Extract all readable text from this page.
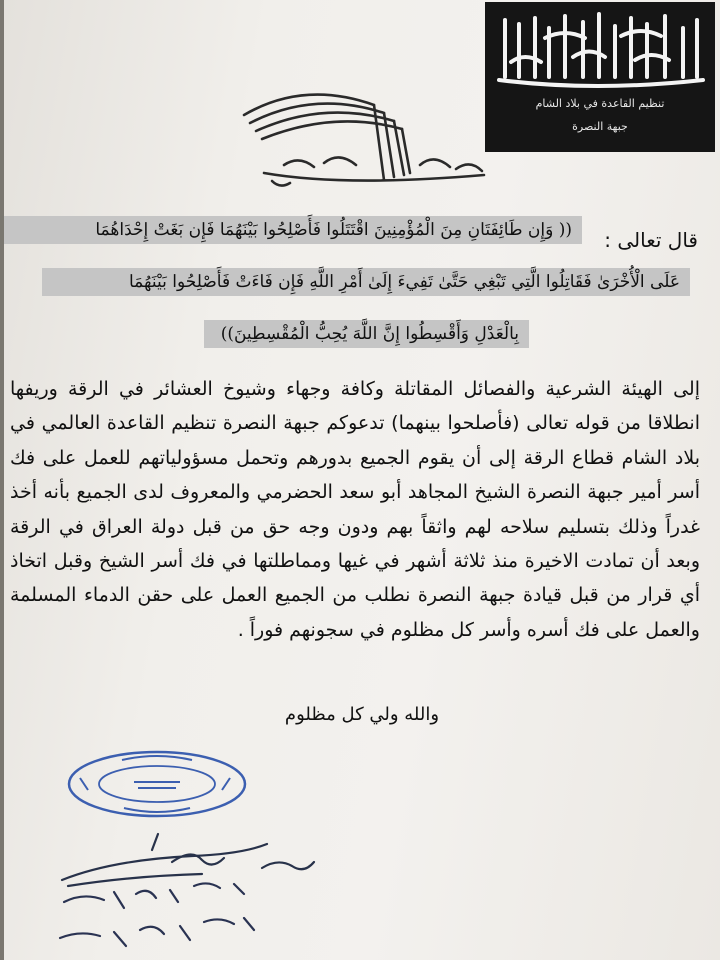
تنظيم القاعدة في بلاد الشام
جبهة النصرة
قال تعالى :
(( وَإِن طَائِفَتَانِ مِنَ الْمُؤْمِنِينَ اقْتَتَلُوا فَأَصْلِحُوا بَيْنَهُمَا فَإِن بَغَتْ إِحْدَاهُمَا
عَلَى الْأُخْرَىٰ فَقَاتِلُوا الَّتِي تَبْغِي حَتَّىٰ تَفِيءَ إِلَىٰ أَمْرِ اللَّهِ فَإِن فَاءَتْ فَأَصْلِحُوا بَيْنَهُمَا
بِالْعَدْلِ وَأَقْسِطُوا إِنَّ اللَّهَ يُحِبُّ الْمُقْسِطِينَ))
إلى الهيئة الشرعية والفصائل المقاتلة وكافة وجهاء وشيوخ العشائر في الرقة وريفها انطلاقا من قوله تعالى (فأصلحوا بينهما) تدعوكم جبهة النصرة تنظيم القاعدة العالمي في بلاد الشام قطاع الرقة إلى أن يقوم الجميع بدورهم وتحمل مسؤولياتهم للعمل على فك أسر أمير جبهة النصرة الشيخ المجاهد أبو سعد الحضرمي والمعروف لدى الجميع بأنه أخذ غدراً وذلك بتسليم سلاحه لهم واثقاً بهم ودون وجه حق من قبل دولة العراق في الرقة وبعد أن تمادت الاخيرة منذ ثلاثة أشهر في غيها ومماطلتها في فك أسر الشيخ وقبل اتخاذ أي قرار من قبل قيادة جبهة النصرة نطلب من الجميع العمل على حقن الدماء المسلمة والعمل على فك أسره وأسر كل مظلوم في سجونهم فوراً .
والله ولي كل مظلوم
